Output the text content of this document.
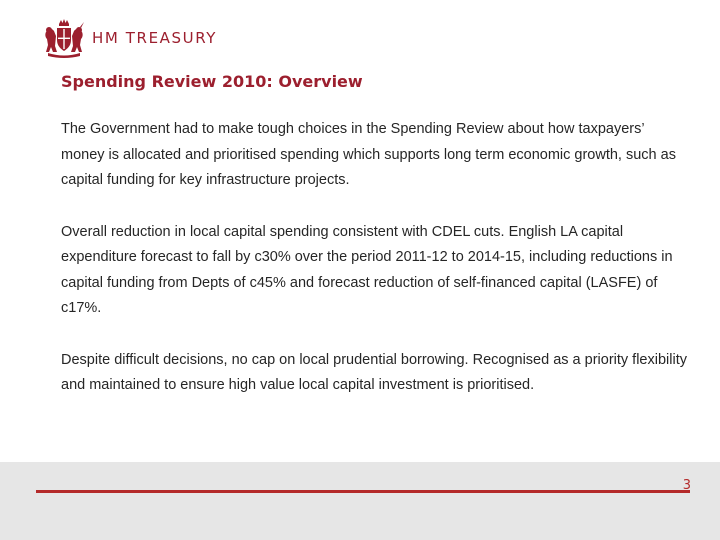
HM TREASURY
Spending Review 2010: Overview

The Government had to make tough choices in the Spending Review about how taxpayers’ money is allocated and prioritised spending which supports long term economic growth, such as capital funding for key infrastructure projects.

Overall reduction in local capital spending consistent with CDEL cuts. English LA capital expenditure forecast to fall by c30% over the period 2011-12 to 2014-15, including reductions in capital funding from Depts of c45% and forecast reduction of self-financed capital (LASFE) of c17%.

Despite difficult decisions, no cap on local prudential borrowing. Recognised as a priority flexibility and maintained to ensure high value local capital investment is prioritised.

3
